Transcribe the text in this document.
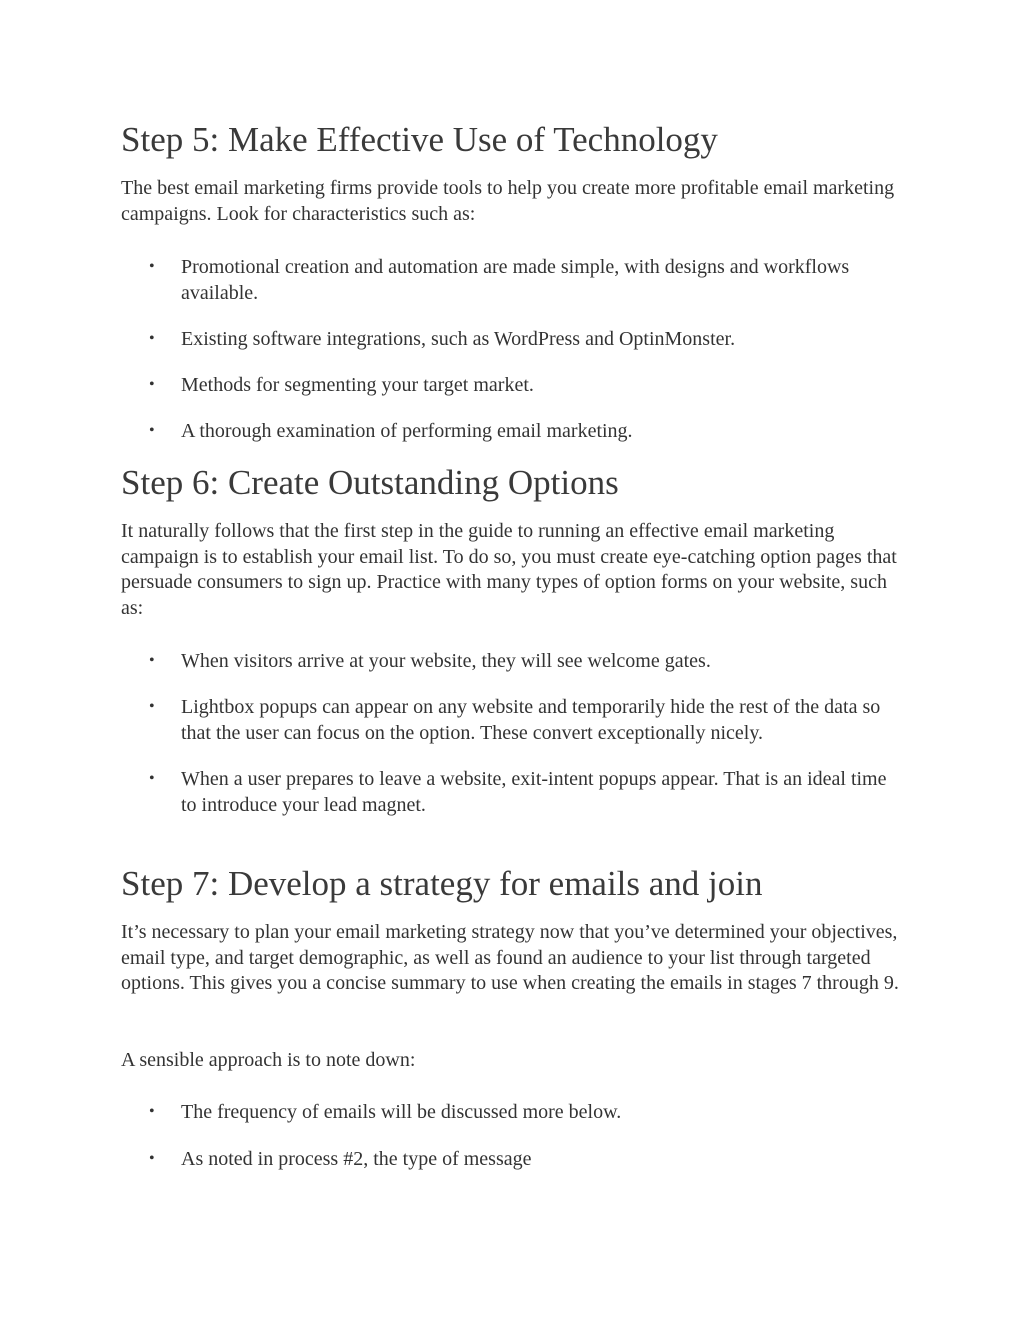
Step 5: Make Effective Use of Technology

The best email marketing firms provide tools to help you create more profitable email marketing campaigns. Look for characteristics such as:

• Promotional creation and automation are made simple, with designs and workflows available.
• Existing software integrations, such as WordPress and OptinMonster.
• Methods for segmenting your target market.
• A thorough examination of performing email marketing.
Step 6: Create Outstanding Options

It naturally follows that the first step in the guide to running an effective email marketing campaign is to establish your email list. To do so, you must create eye-catching option pages that persuade consumers to sign up. Practice with many types of option forms on your website, such as:

• When visitors arrive at your website, they will see welcome gates.
• Lightbox popups can appear on any website and temporarily hide the rest of the data so that the user can focus on the option. These convert exceptionally nicely.
• When a user prepares to leave a website, exit-intent popups appear. That is an ideal time to introduce your lead magnet.
Step 7: Develop a strategy for emails and join

It’s necessary to plan your email marketing strategy now that you’ve determined your objectives, email type, and target demographic, as well as found an audience to your list through targeted options. This gives you a concise summary to use when creating the emails in stages 7 through 9.

A sensible approach is to note down:

• The frequency of emails will be discussed more below.
• As noted in process #2, the type of message
